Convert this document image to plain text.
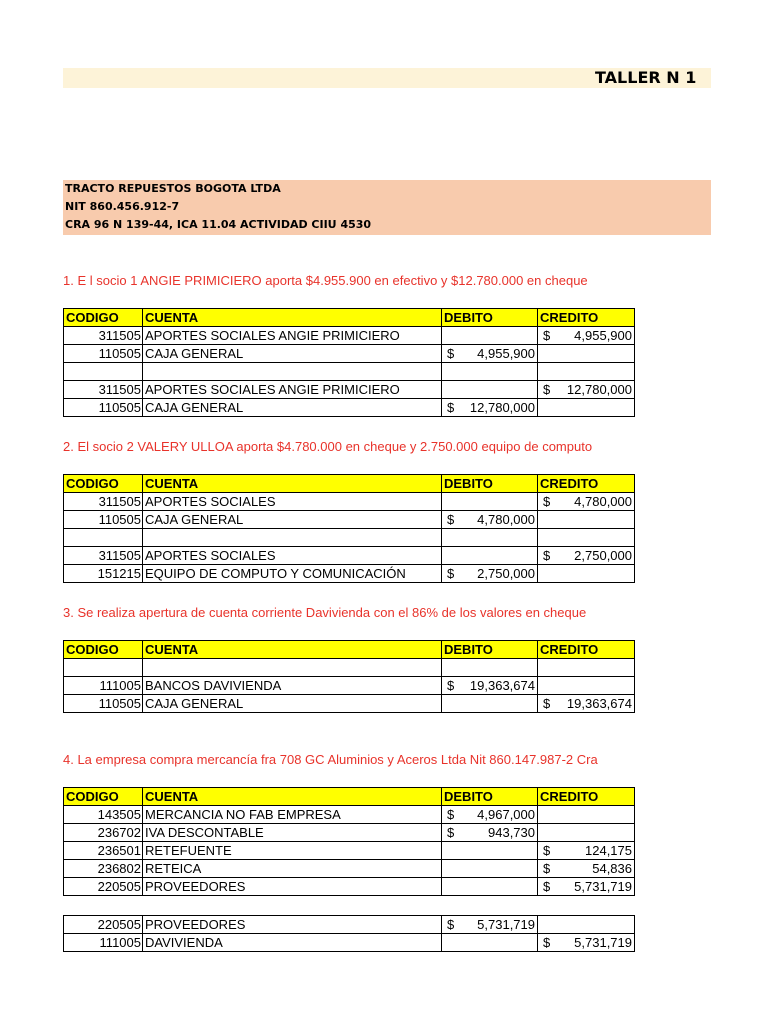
TALLER N 1
TRACTO REPUESTOS BOGOTA LTDA
NIT 860.456.912-7
CRA 96 N 139-44, ICA 11.04 ACTIVIDAD CIIU 4530
1. E l socio 1 ANGIE PRIMICIERO aporta $4.955.900 en efectivo y $12.780.000 en cheque
CODIGO	CUENTA	DEBITO	CREDITO
311505	APORTES SOCIALES ANGIE PRIMICIERO		$ 4,955,900

110505	CAJA GENERAL	$ 4,955,900	

311505	APORTES SOCIALES ANGIE PRIMICIERO		$ 12,780,000

110505	CAJA GENERAL	$ 12,780,000	

2. El socio 2 VALERY ULLOA aporta $4.780.000 en cheque y 2.750.000 equipo de computo
CODIGO	CUENTA	DEBITO	CREDITO
311505	APORTES SOCIALES		$ 4,780,000

110505	CAJA GENERAL	$ 4,780,000	

311505	APORTES SOCIALES		$ 2,750,000

151215	EQUIPO DE COMPUTO Y COMUNICACIÓN	$ 2,750,000	

3. Se realiza apertura de cuenta corriente Davivienda con el 86% de los valores en cheque
CODIGO	CUENTA	DEBITO	CREDITO

111005	BANCOS DAVIVIENDA	$ 19,363,674	

110505	CAJA GENERAL		$ 19,363,674
4. La empresa compra mercancía fra 708 GC Aluminios y Aceros Ltda Nit 860.147.987-2 Cra
CODIGO	CUENTA	DEBITO	CREDITO
143505	MERCANCIA NO FAB EMPRESA	$ 4,967,000	

236702	IVA DESCONTABLE	$ 943,730	

236501	RETEFUENTE		$ 124,175

236802	RETEICA		$ 54,836

220505	PROVEEDORES		$ 5,731,719
220505	PROVEEDORES	$ 5,731,719	

111005	DAVIVIENDA		$ 5,731,719
